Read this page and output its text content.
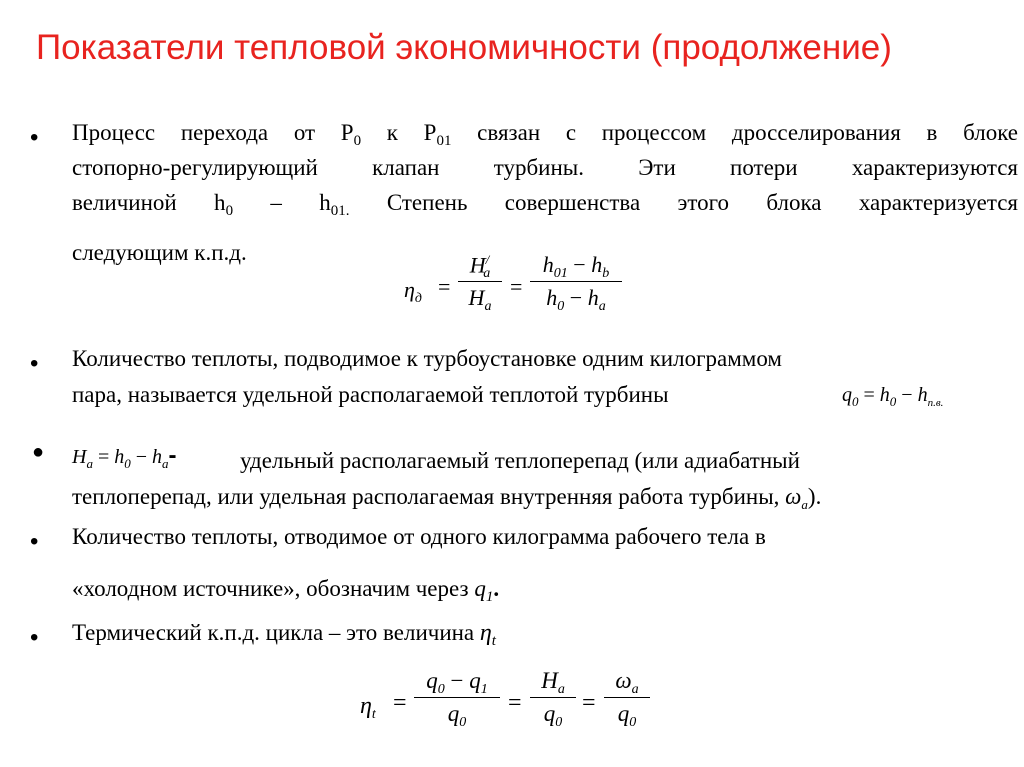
Показатели тепловой экономичности (продолжение)
• Процесс перехода от $Р_0$ к $Р_{01}$ связан с процессом дросселирования в блоке
стопорно-регулирующий клапан турбины. Эти потери характеризуются
величиной $h_0 - h_{01.}$ Степень совершенства этого блока характеризуется
следующим к.п.д.
$\eta_д$ =
$H^/_a$
$H_a$
=
$h_{01} - h_b$
$h_0 - h_a$
• Количество теплоты, подводимое к турбоустановке одним килограммом
пара, называется удельной располагаемой теплотой турбины	$q_0 = h_0 - h_{п.в.}$
● $H_a = h_0 - h_a-$	удельный располагаемый теплоперепад (или адиабатный
теплоперепад, или удельная располагаемая внутренняя работа турбины, $\omega_a$).
• Количество теплоты, отводимое от одного килограмма рабочего тела в
«холодном источнике», обозначим через $q_1$.
• Термический к.п.д. цикла – это величина $\eta_t$
$\eta_t$ =
$q_0 - q_1$
$q_0$
=
$H_a$
$q_0$
=
$\omega_a$
$q_0$
